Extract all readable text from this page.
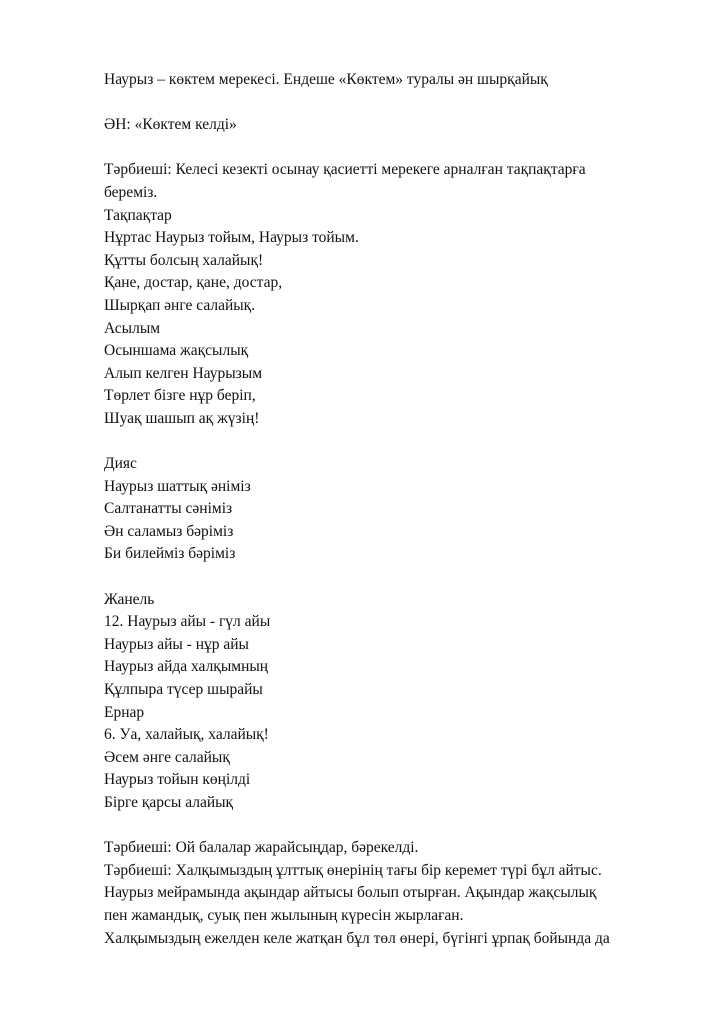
Наурыз – көктем мерекесі. Ендеше «Көктем» туралы ән шырқайық
ӘН: «Көктем келді»
Тәрбиеші: Келесі кезекті осынау қасиетті мерекеге арналған тақпақтарға
береміз.
Тақпақтар
Нұртас Наурыз тойым, Наурыз тойым.
Құтты болсың халайық!
Қане, достар, қане, достар,
Шырқап әнге салайық.
Асылым
Осыншама жақсылық
Алып келген Наурызым
Төрлет бізге нұр беріп,
Шуақ шашып ақ жүзің!
Дияс
Наурыз шаттық әніміз
Салтанатты сәніміз
Ән саламыз бәріміз
Би билейміз бәріміз
Жанель
12. Наурыз айы - гүл айы
Наурыз айы - нұр айы
Наурыз айда халқымның
Құлпыра түсер шырайы
Ернар
6. Уа, халайық, халайық!
Әсем әнге салайық
Наурыз тойын көңілді
Бірге қарсы алайық
Тәрбиеші: Ой балалар жарайсыңдар, бәрекелді.
Тәрбиеші: Халқымыздың ұлттық өнерінің тағы бір керемет түрі бұл айтыс.
Наурыз мейрамында ақындар айтысы болып отырған. Ақындар жақсылық
пен жамандық, суық пен жылының күресін жырлаған.
Халқымыздың ежелден келе жатқан бұл төл өнері, бүгінгі ұрпақ бойында да
